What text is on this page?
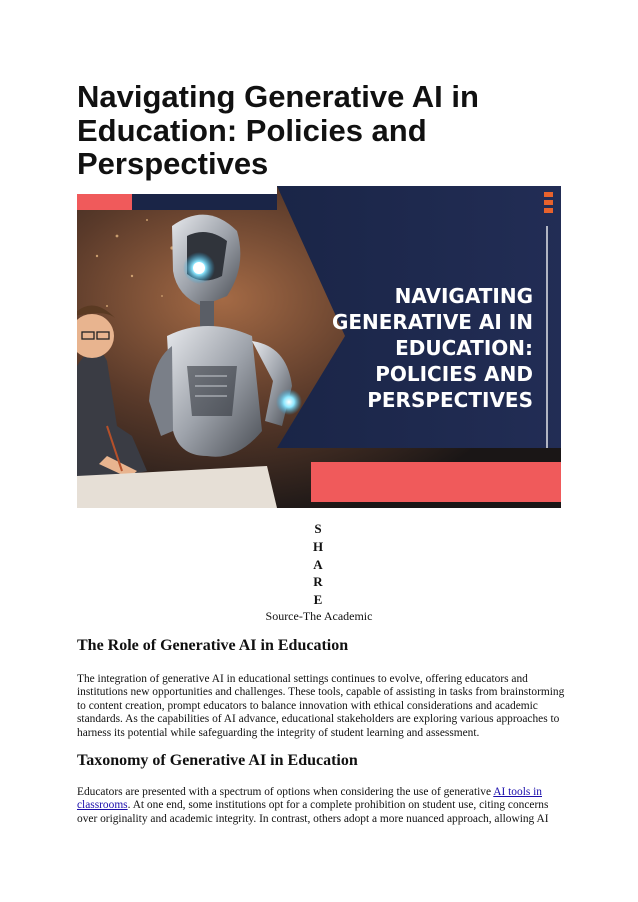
Navigating Generative AI in Education: Policies and Perspectives
NAVIGATING
GENERATIVE AI IN
EDUCATION:
POLICIES AND
PERSPECTIVES
S
H
A
R
E
Source-The Academic
The Role of Generative AI in Education

The integration of generative AI in educational settings continues to evolve, offering educators and institutions new opportunities and challenges. These tools, capable of assisting in tasks from brainstorming to content creation, prompt educators to balance innovation with ethical considerations and academic standards. As the capabilities of AI advance, educational stakeholders are exploring various approaches to harness its potential while safeguarding the integrity of student learning and assessment.

Taxonomy of Generative AI in Education

Educators are presented with a spectrum of options when considering the use of generative AI tools in classrooms. At one end, some institutions opt for a complete prohibition on student use, citing concerns over originality and academic integrity. In contrast, others adopt a more nuanced approach, allowing AI
